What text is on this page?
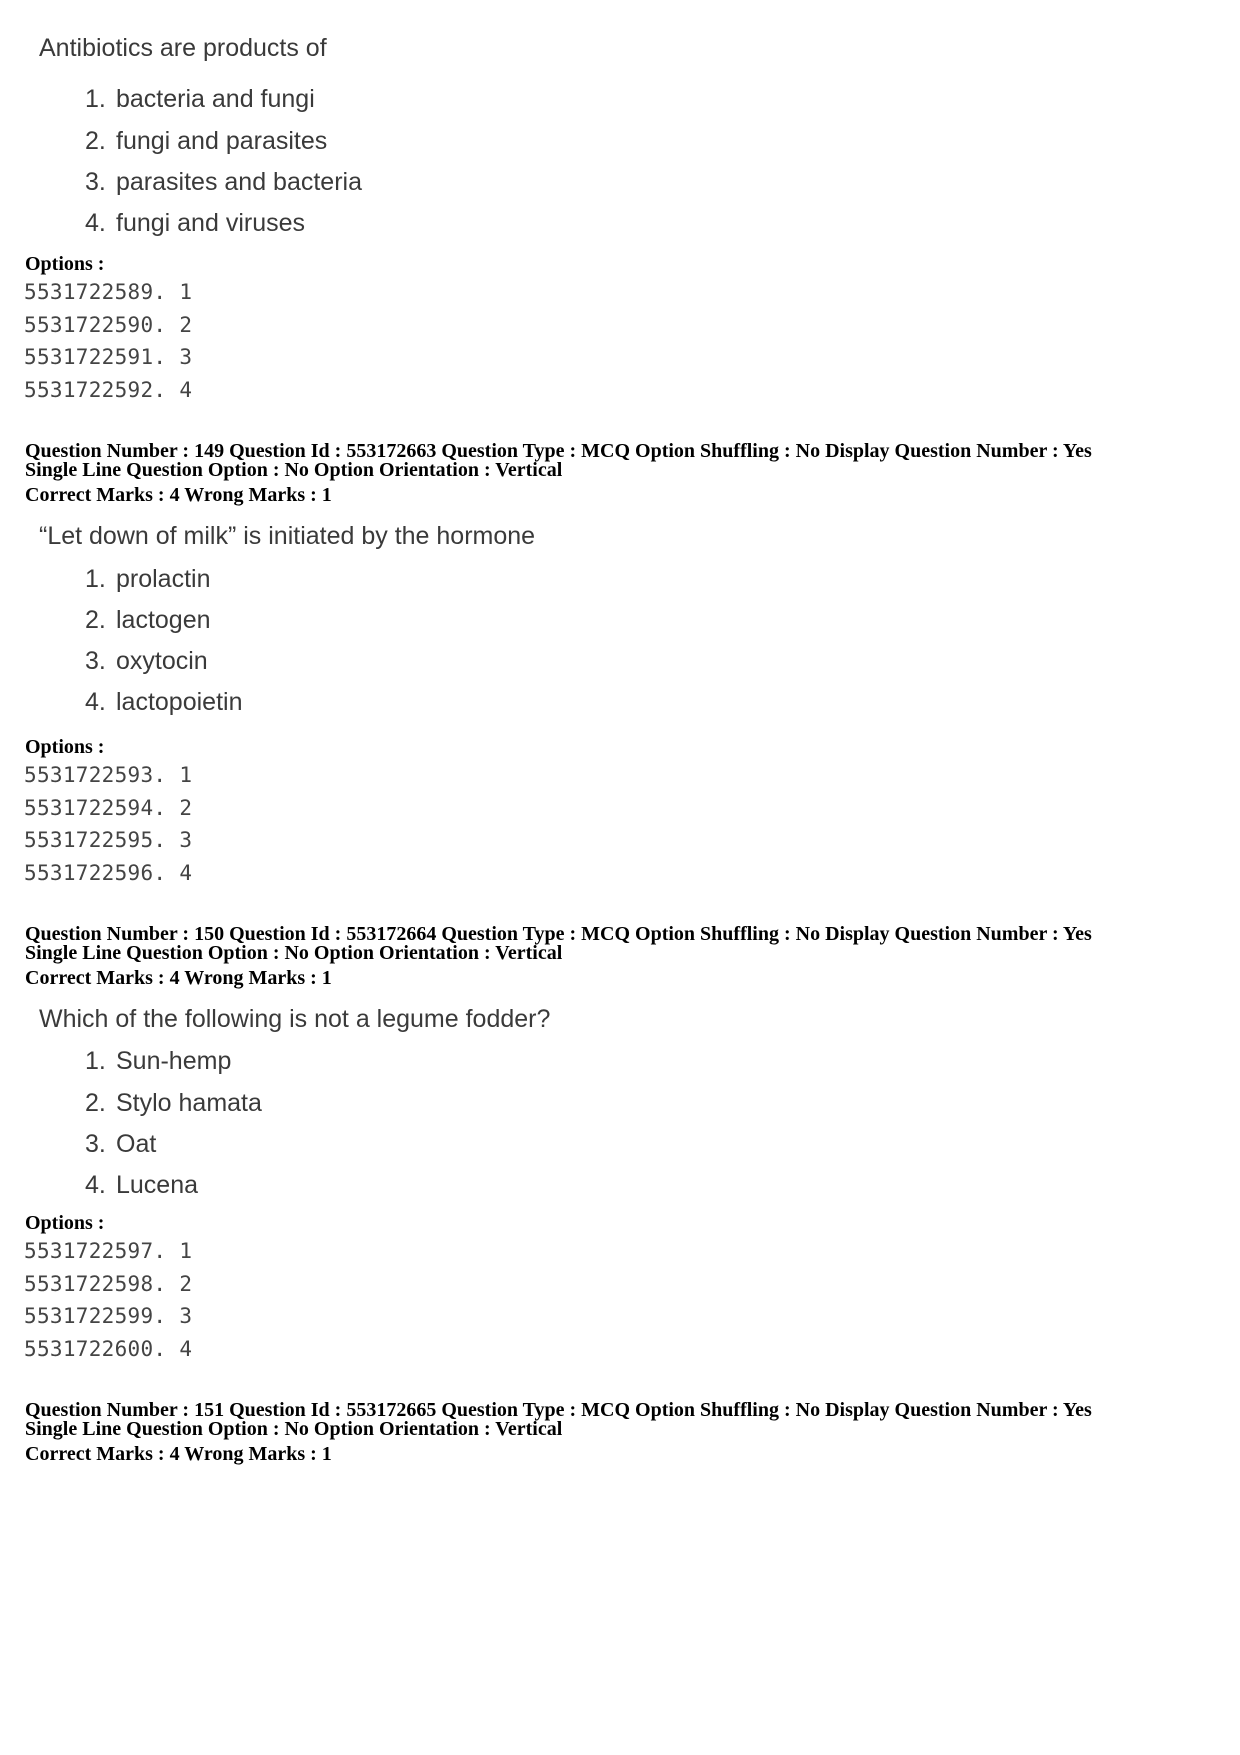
Antibiotics are products of
1. bacteria and fungi
2. fungi and parasites
3. parasites and bacteria
4. fungi and viruses
Options :
5531722589. 1
5531722590. 2
5531722591. 3
5531722592. 4
Question Number : 149 Question Id : 553172663 Question Type : MCQ Option Shuffling : No Display Question Number : Yes
Single Line Question Option : No Option Orientation : Vertical
Correct Marks : 4 Wrong Marks : 1
“Let down of milk” is initiated by the hormone
1. prolactin
2. lactogen
3. oxytocin
4. lactopoietin
Options :
5531722593. 1
5531722594. 2
5531722595. 3
5531722596. 4
Question Number : 150 Question Id : 553172664 Question Type : MCQ Option Shuffling : No Display Question Number : Yes
Single Line Question Option : No Option Orientation : Vertical
Correct Marks : 4 Wrong Marks : 1
Which of the following is not a legume fodder?
1. Sun-hemp
2. Stylo hamata
3. Oat
4. Lucena
Options :
5531722597. 1
5531722598. 2
5531722599. 3
5531722600. 4
Question Number : 151 Question Id : 553172665 Question Type : MCQ Option Shuffling : No Display Question Number : Yes
Single Line Question Option : No Option Orientation : Vertical
Correct Marks : 4 Wrong Marks : 1
